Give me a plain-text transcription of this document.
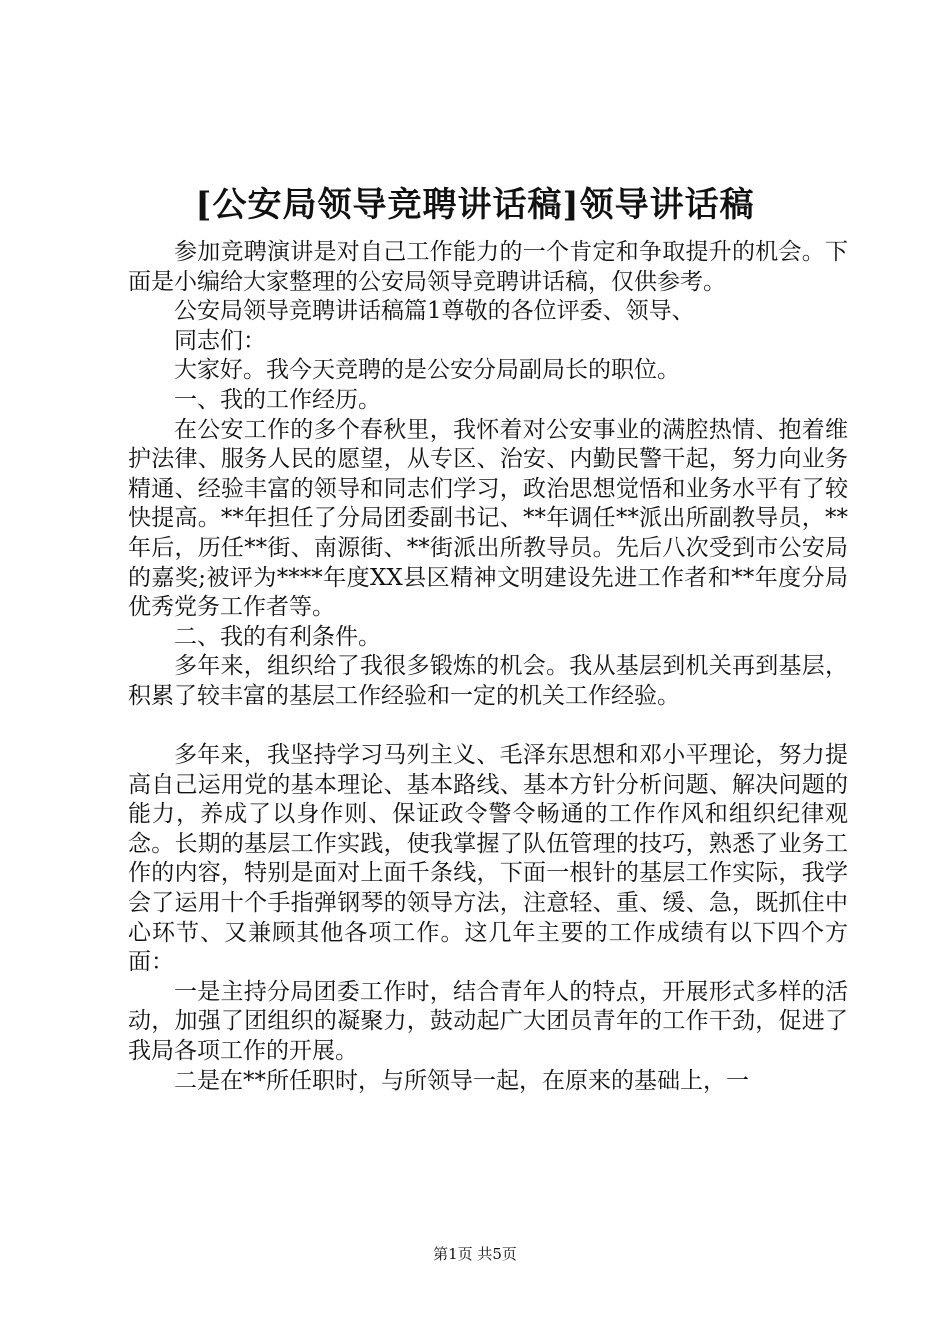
[公安局领导竞聘讲话稿]领导讲话稿

参加竞聘演讲是对自己工作能力的一个肯定和争取提升的机会。下面是小编给大家整理的公安局领导竞聘讲话稿，仅供参考。

公安局领导竞聘讲话稿篇1尊敬的各位评委、领导、

同志们：

大家好。我今天竞聘的是公安分局副局长的职位。

一、我的工作经历。

在公安工作的多个春秋里，我怀着对公安事业的满腔热情、抱着维护法律、服务人民的愿望，从专区、治安、内勤民警干起，努力向业务精通、经验丰富的领导和同志们学习，政治思想觉悟和业务水平有了较快提高。**年担任了分局团委副书记、**年调任**派出所副教导员，**年后，历任**街、南源街、**街派出所教导员。先后八次受到市公安局的嘉奖;被评为****年度XX县区精神文明建设先进工作者和**年度分局优秀党务工作者等。

二、我的有利条件。

多年来，组织给了我很多锻炼的机会。我从基层到机关再到基层，积累了较丰富的基层工作经验和一定的机关工作经验。

多年来，我坚持学习马列主义、毛泽东思想和邓小平理论，努力提高自己运用党的基本理论、基本路线、基本方针分析问题、解决问题的能力，养成了以身作则、保证政令警令畅通的工作作风和组织纪律观念。长期的基层工作实践，使我掌握了队伍管理的技巧，熟悉了业务工作的内容，特别是面对上面千条线，下面一根针的基层工作实际，我学会了运用十个手指弹钢琴的领导方法，注意轻、重、缓、急，既抓住中心环节、又兼顾其他各项工作。这几年主要的工作成绩有以下四个方面：

一是主持分局团委工作时，结合青年人的特点，开展形式多样的活动，加强了团组织的凝聚力，鼓动起广大团员青年的工作干劲，促进了我局各项工作的开展。

二是在**所任职时，与所领导一起，在原来的基础上，一

第1页 共5页
